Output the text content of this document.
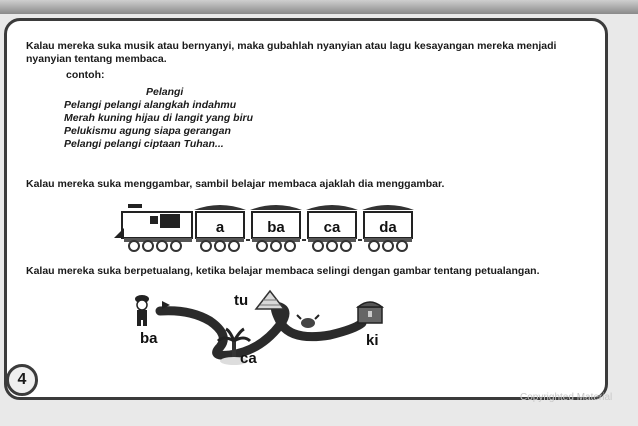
Kalau mereka suka musik atau bernyanyi, maka gubahlah nyanyian atau lagu kesayangan mereka menjadi nyanyian tentang membaca.
contoh:
Pelangi
Pelangi pelangi alangkah indahmu
Merah kuning hijau di langit yang biru
Pelukismu agung siapa gerangan
Pelangi pelangi ciptaan Tuhan...
Kalau mereka suka menggambar, sambil belajar membaca ajaklah dia menggambar.
a	ba	ca	da
Kalau mereka suka berpetualang, ketika belajar membaca selingi dengan gambar tentang petualangan.
ba
tu
ca
ki
4
Copyrighted Material
